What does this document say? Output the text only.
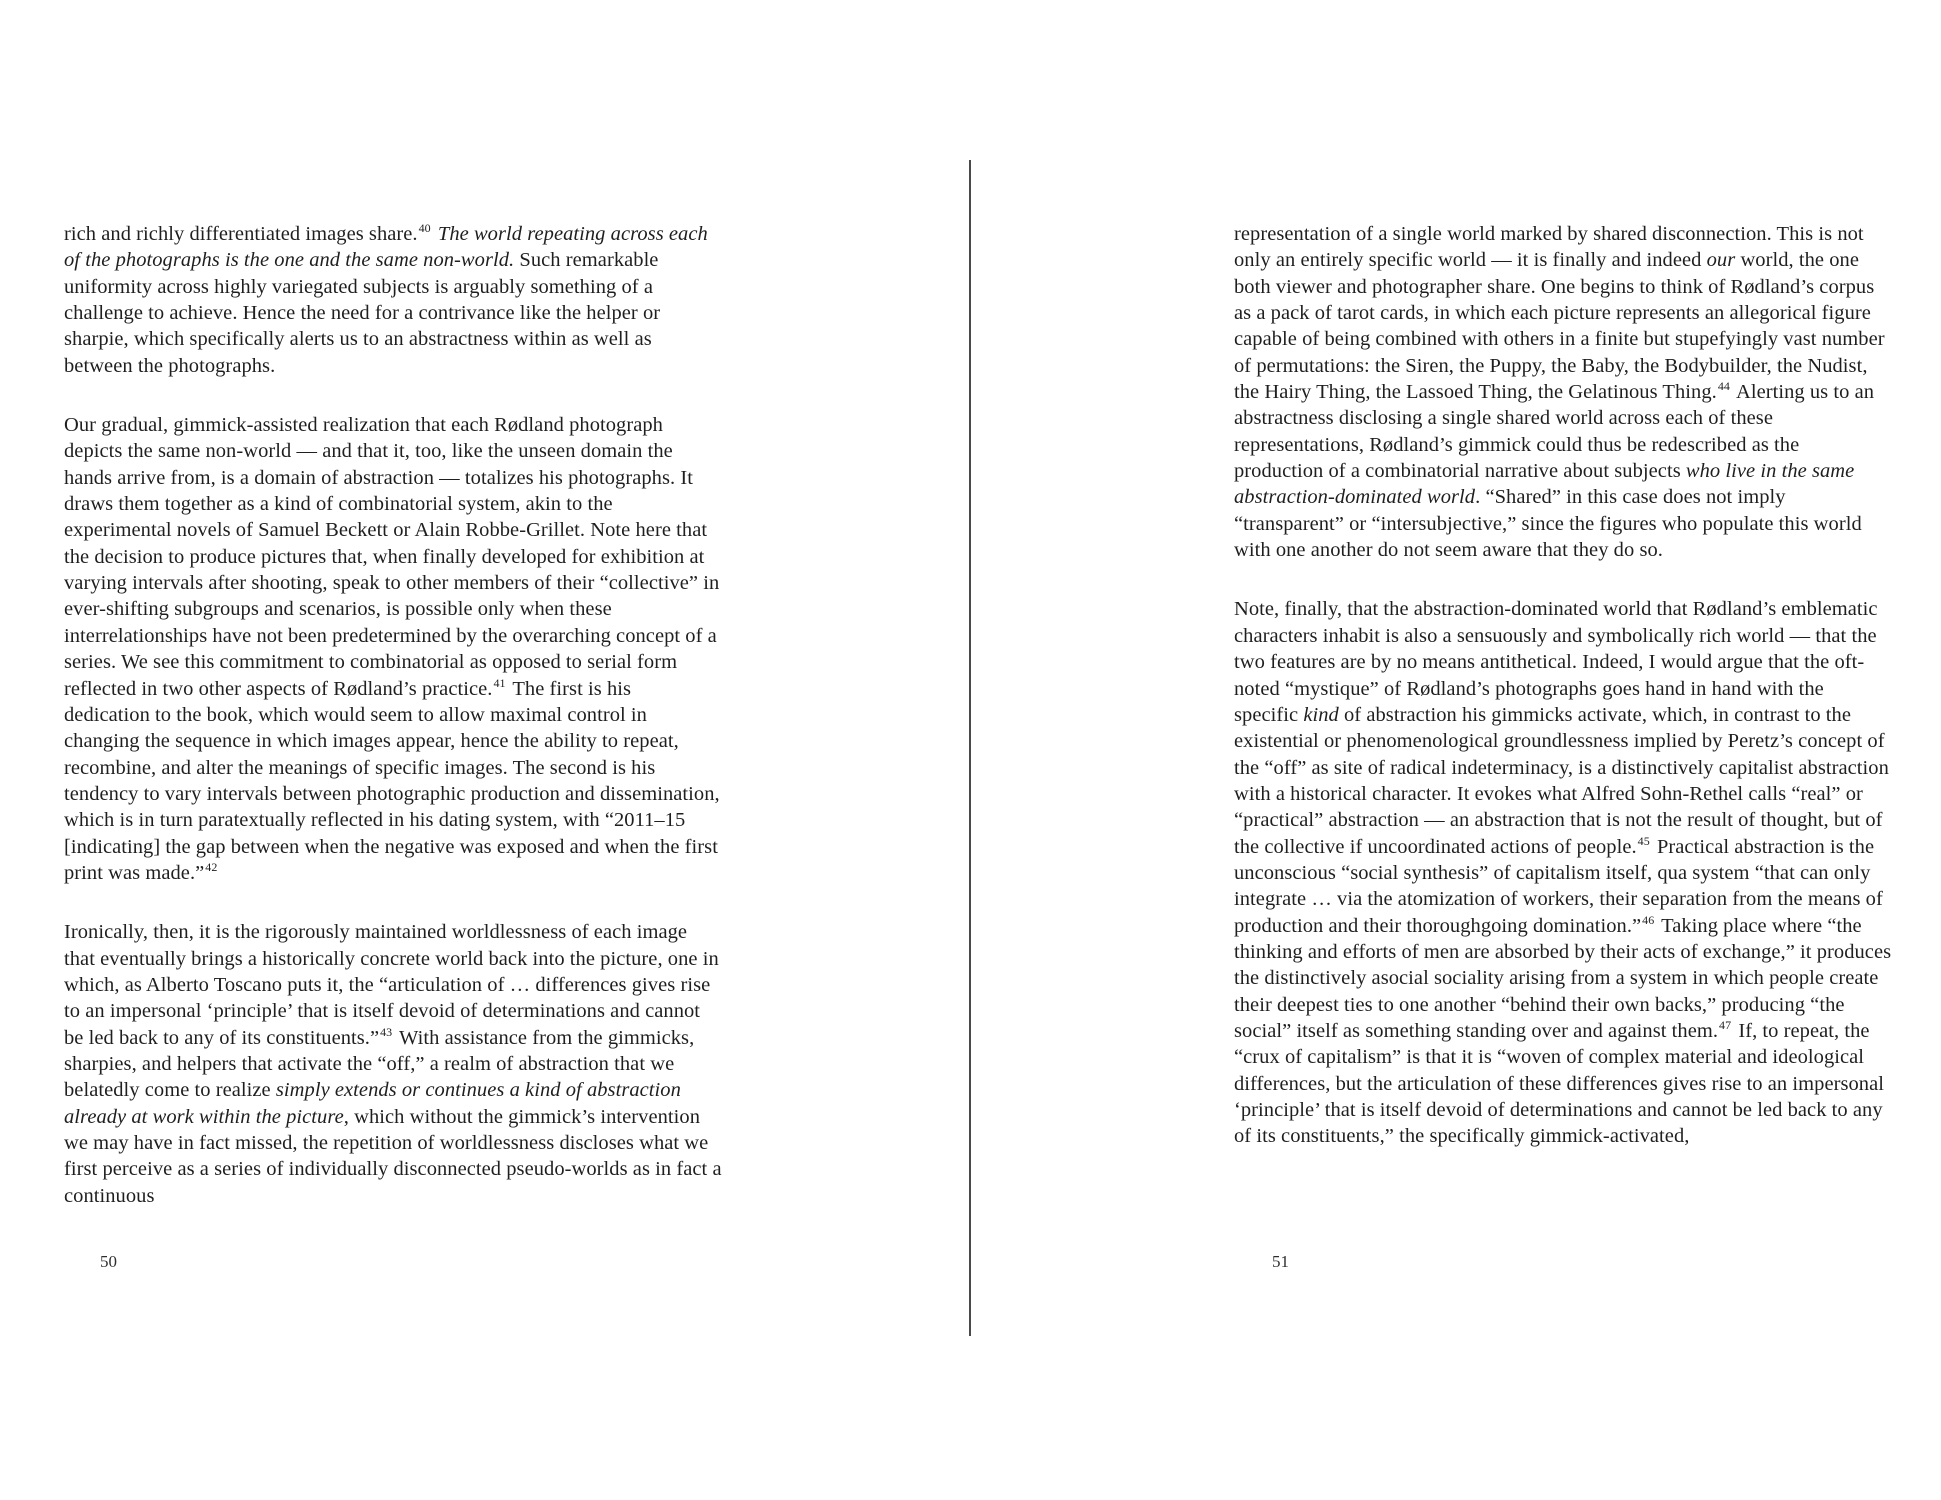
rich and richly differentiated images share.$^{40}$ The world repeating across each of the photographs is the one and the same non-world. Such remarkable uniformity across highly variegated subjects is arguably something of a challenge to achieve. Hence the need for a contrivance like the helper or sharpie, which specifically alerts us to an abstractness within as well as between the photographs.

Our gradual, gimmick-assisted realization that each Rødland photograph depicts the same non-world — and that it, too, like the unseen domain the hands arrive from, is a domain of abstraction — totalizes his photographs. It draws them together as a kind of combinatorial system, akin to the experimental novels of Samuel Beckett or Alain Robbe-Grillet. Note here that the decision to produce pictures that, when finally developed for exhibition at varying intervals after shooting, speak to other members of their “collective” in ever-shifting subgroups and scenarios, is possible only when these interrelationships have not been predetermined by the overarching concept of a series. We see this commitment to combinatorial as opposed to serial form reflected in two other aspects of Rødland’s practice.$^{41}$ The first is his dedication to the book, which would seem to allow maximal control in changing the sequence in which images appear, hence the ability to repeat, recombine, and alter the meanings of specific images. The second is his tendency to vary intervals between photographic production and dissemination, which is in turn paratextually reflected in his dating system, with “2011–15 [indicating] the gap between when the negative was exposed and when the first print was made.”$^{42}$

Ironically, then, it is the rigorously maintained worldlessness of each image that eventually brings a historically concrete world back into the picture, one in which, as Alberto Toscano puts it, the “articulation of … differences gives rise to an impersonal ‘principle’ that is itself devoid of determinations and cannot be led back to any of its constituents.”$^{43}$ With assistance from the gimmicks, sharpies, and helpers that activate the “off,” a realm of abstraction that we belatedly come to realize simply extends or continues a kind of abstraction already at work within the picture, which without the gimmick’s intervention we may have in fact missed, the repetition of worldlessness discloses what we first perceive as a series of individually disconnected pseudo-worlds as in fact a continuous

representation of a single world marked by shared disconnection. This is not only an entirely specific world — it is finally and indeed our world, the one both viewer and photographer share. One begins to think of Rødland’s corpus as a pack of tarot cards, in which each picture represents an allegorical figure capable of being combined with others in a finite but stupefyingly vast number of permutations: the Siren, the Puppy, the Baby, the Bodybuilder, the Nudist, the Hairy Thing, the Lassoed Thing, the Gelatinous Thing.$^{44}$ Alerting us to an abstractness disclosing a single shared world across each of these representations, Rødland’s gimmick could thus be redescribed as the production of a combinatorial narrative about subjects who live in the same abstraction-dominated world. “Shared” in this case does not imply “transparent” or “intersubjective,” since the figures who populate this world with one another do not seem aware that they do so.

Note, finally, that the abstraction-dominated world that Rødland’s emblematic characters inhabit is also a sensuously and symbolically rich world — that the two features are by no means antithetical. Indeed, I would argue that the oft-noted “mystique” of Rødland’s photographs goes hand in hand with the specific kind of abstraction his gimmicks activate, which, in contrast to the existential or phenomenological groundlessness implied by Peretz’s concept of the “off” as site of radical indeterminacy, is a distinctively capitalist abstraction with a historical character. It evokes what Alfred Sohn-Rethel calls “real” or “practical” abstraction — an abstraction that is not the result of thought, but of the collective if uncoordinated actions of people.$^{45}$ Practical abstraction is the unconscious “social synthesis” of capitalism itself, qua system “that can only integrate … via the atomization of workers, their separation from the means of production and their thoroughgoing domination.”$^{46}$ Taking place where “the thinking and efforts of men are absorbed by their acts of exchange,” it produces the distinctively asocial sociality arising from a system in which people create their deepest ties to one another “behind their own backs,” producing “the social” itself as something standing over and against them.$^{47}$ If, to repeat, the “crux of capitalism” is that it is “woven of complex material and ideological differences, but the articulation of these differences gives rise to an impersonal ‘principle’ that is itself devoid of determinations and cannot be led back to any of its constituents,” the specifically gimmick-activated,

50	51
